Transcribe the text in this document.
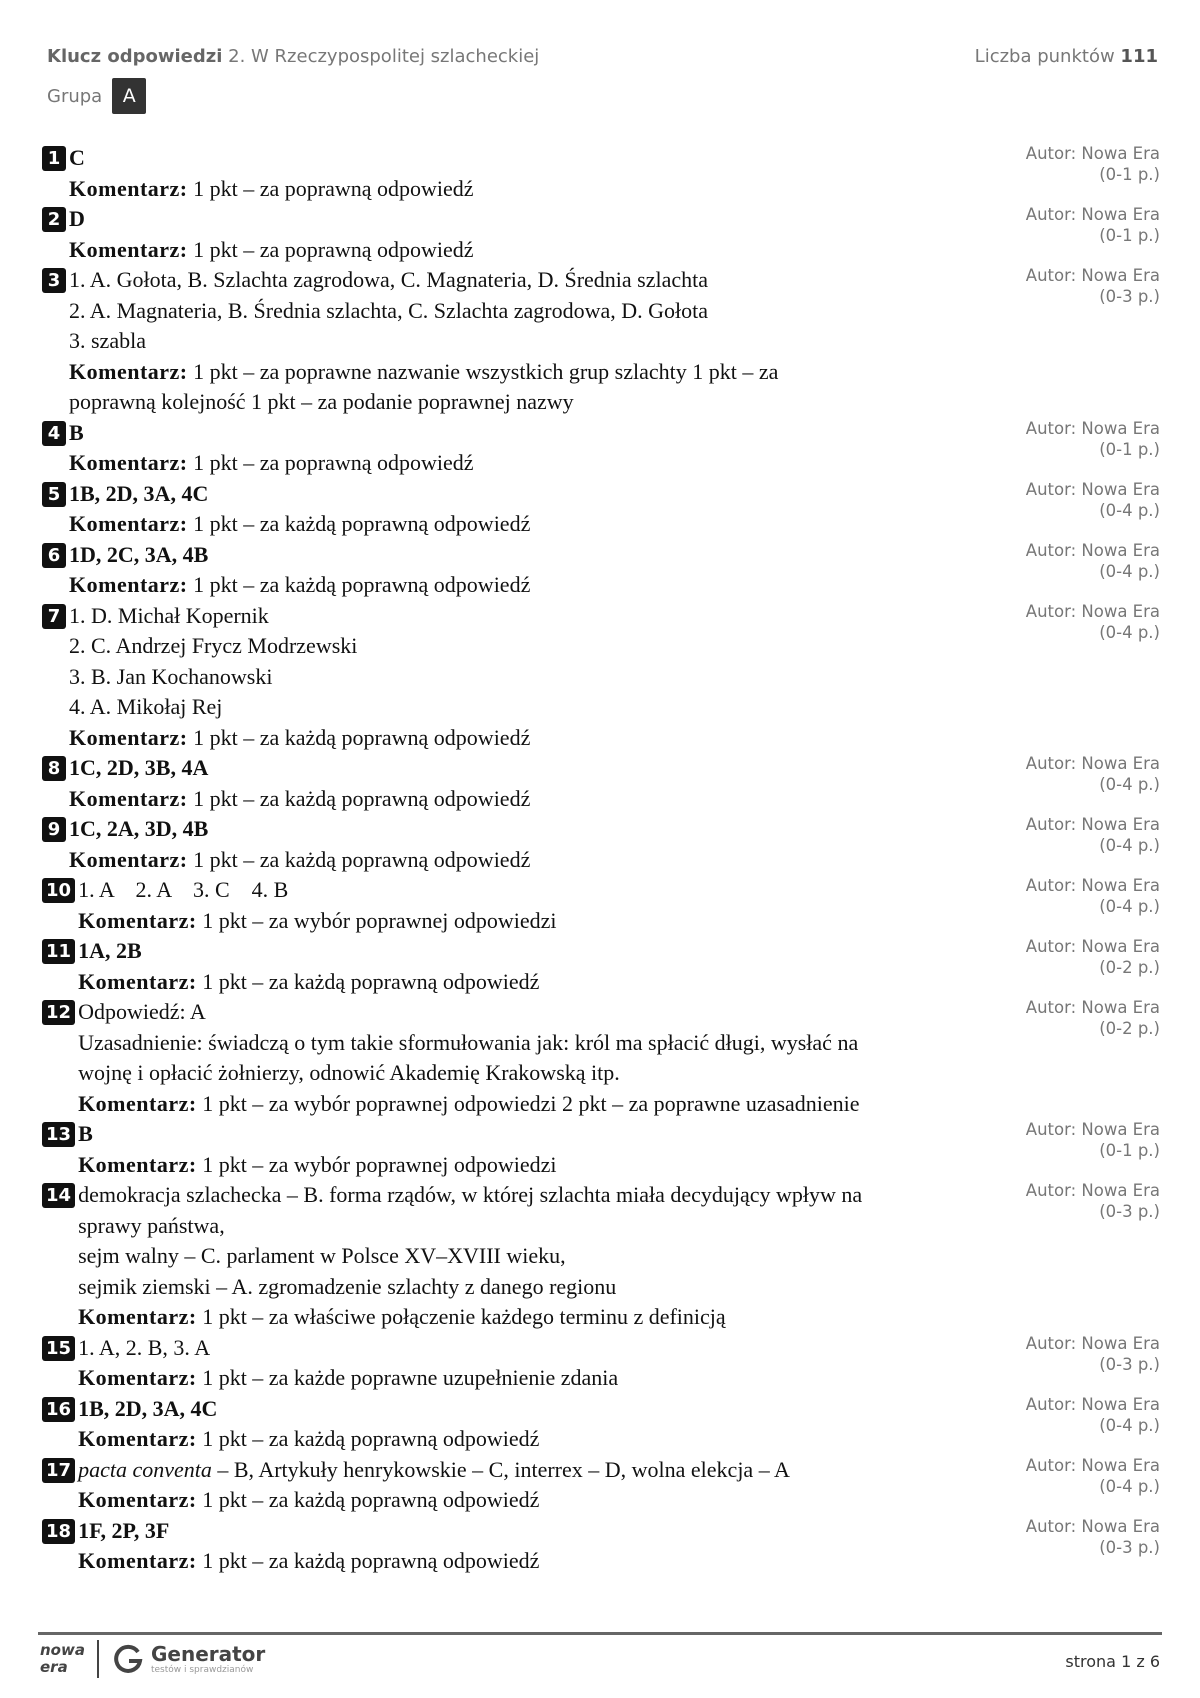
Klucz odpowiedzi 2. W Rzeczypospolitej szlacheckiej	Liczba punktów 111
Grupa	A
1 C
Komentarz: 1 pkt – za poprawną odpowiedź
Autor: Nowa Era
(0-1 p.)
2 D
Komentarz: 1 pkt – za poprawną odpowiedź
Autor: Nowa Era
(0-1 p.)
3 1. A. Gołota, B. Szlachta zagrodowa, C. Magnateria, D. Średnia szlachta
2. A. Magnateria, B. Średnia szlachta, C. Szlachta zagrodowa, D. Gołota
3. szabla
Komentarz: 1 pkt – za poprawne nazwanie wszystkich grup szlachty 1 pkt – za
poprawną kolejność 1 pkt – za podanie poprawnej nazwy
Autor: Nowa Era
(0-3 p.)
4 B
Komentarz: 1 pkt – za poprawną odpowiedź
Autor: Nowa Era
(0-1 p.)
5 1B, 2D, 3A, 4C
Komentarz: 1 pkt – za każdą poprawną odpowiedź
Autor: Nowa Era
(0-4 p.)
6 1D, 2C, 3A, 4B
Komentarz: 1 pkt – za każdą poprawną odpowiedź
Autor: Nowa Era
(0-4 p.)
7 1. D. Michał Kopernik
2. C. Andrzej Frycz Modrzewski
3. B. Jan Kochanowski
4. A. Mikołaj Rej
Komentarz: 1 pkt – za każdą poprawną odpowiedź
Autor: Nowa Era
(0-4 p.)
8 1C, 2D, 3B, 4A
Komentarz: 1 pkt – za każdą poprawną odpowiedź
Autor: Nowa Era
(0-4 p.)
9 1C, 2A, 3D, 4B
Komentarz: 1 pkt – za każdą poprawną odpowiedź
Autor: Nowa Era
(0-4 p.)
10 1. A    2. A    3. C    4. B
Komentarz: 1 pkt – za wybór poprawnej odpowiedzi
Autor: Nowa Era
(0-4 p.)
11 1A, 2B
Komentarz: 1 pkt – za każdą poprawną odpowiedź
Autor: Nowa Era
(0-2 p.)
12 Odpowiedź: A
Uzasadnienie: świadczą o tym takie sformułowania jak: król ma spłacić długi, wysłać na
wojnę i opłacić żołnierzy, odnowić Akademię Krakowską itp.
Komentarz: 1 pkt – za wybór poprawnej odpowiedzi 2 pkt – za poprawne uzasadnienie
Autor: Nowa Era
(0-2 p.)
13 B
Komentarz: 1 pkt – za wybór poprawnej odpowiedzi
Autor: Nowa Era
(0-1 p.)
14 demokracja szlachecka – B. forma rządów, w której szlachta miała decydujący wpływ na
sprawy państwa,
sejm walny – C. parlament w Polsce XV–XVIII wieku,
sejmik ziemski – A. zgromadzenie szlachty z danego regionu
Komentarz: 1 pkt – za właściwe połączenie każdego terminu z definicją
Autor: Nowa Era
(0-3 p.)
15 1. A, 2. B, 3. A
Komentarz: 1 pkt – za każde poprawne uzupełnienie zdania
Autor: Nowa Era
(0-3 p.)
16 1B, 2D, 3A, 4C
Komentarz: 1 pkt – za każdą poprawną odpowiedź
Autor: Nowa Era
(0-4 p.)
17 pacta conventa – B, Artykuły henrykowskie – C, interrex – D, wolna elekcja – A
Komentarz: 1 pkt – za każdą poprawną odpowiedź
Autor: Nowa Era
(0-4 p.)
18 1F, 2P, 3F
Komentarz: 1 pkt – za każdą poprawną odpowiedź
Autor: Nowa Era
(0-3 p.)
nowa
era
Generator
testów i sprawdzianów	strona 1 z 6
